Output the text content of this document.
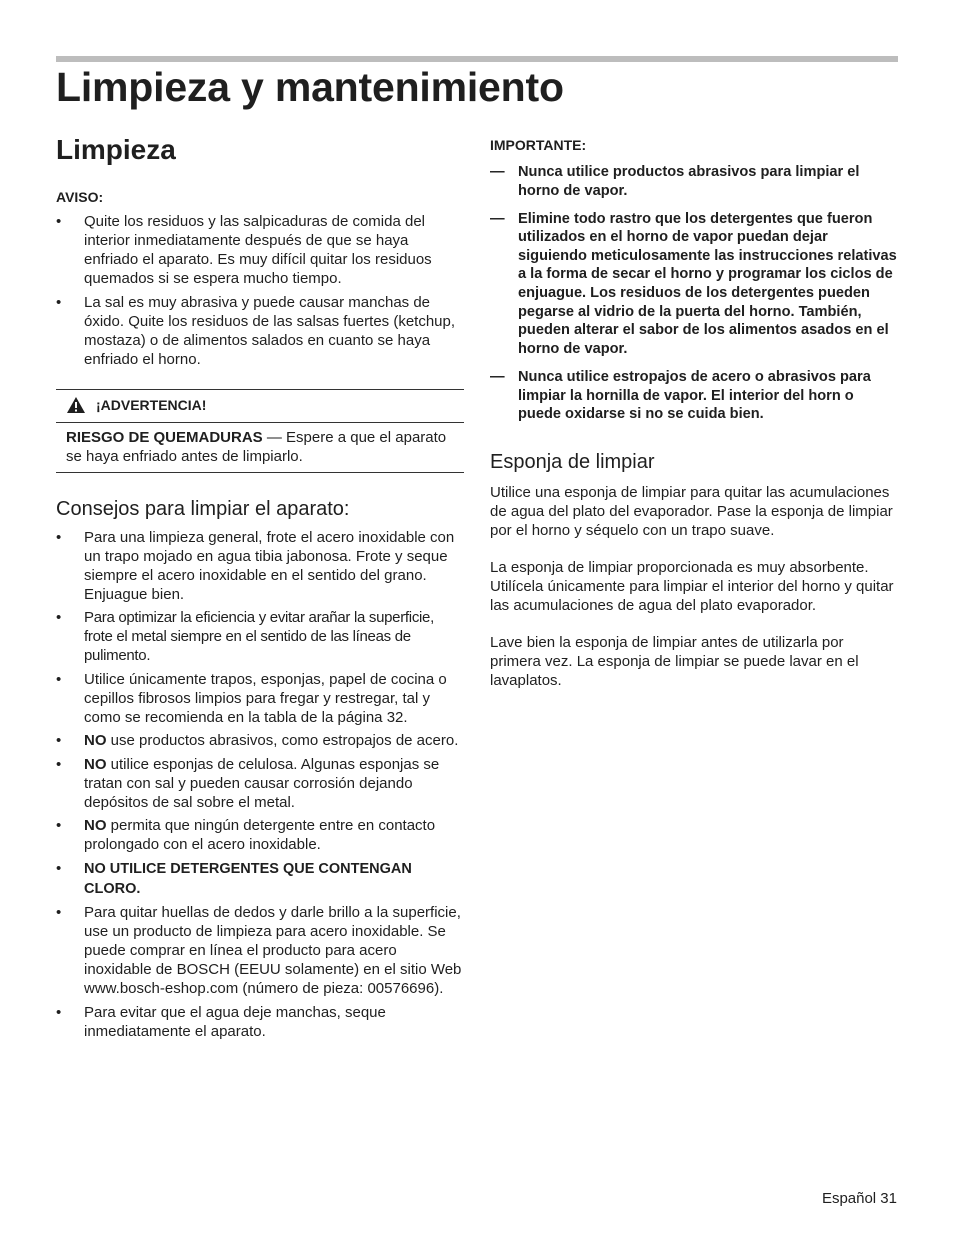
Limpieza y mantenimiento
Limpieza
AVISO:
•	Quite los residuos y las salpicaduras de comida del interior inmediatamente después de que se haya enfriado el aparato. Es muy difícil quitar los residuos quemados si se espera mucho tiempo.
•	La sal es muy abrasiva y puede causar manchas de óxido. Quite los residuos de las salsas fuertes (ketchup, mostaza) o de alimentos salados en cuanto se haya enfriado el horno.
¡ADVERTENCIA!
RIESGO DE QUEMADURAS — Espere a que el aparato se haya enfriado antes de limpiarlo.
Consejos para limpiar el aparato:
•	Para una limpieza general, frote el acero inoxidable con un trapo mojado en agua tibia jabonosa. Frote y seque siempre el acero inoxidable en el sentido del grano. Enjuague bien.
•	Para optimizar la eficiencia y evitar arañar la superficie, frote el metal siempre en el sentido de las líneas de pulimento.
•	Utilice únicamente trapos, esponjas, papel de cocina o cepillos fibrosos limpios para fregar y restregar, tal y como se recomienda en la tabla de la página 32.
•	NO use productos abrasivos, como estropajos de acero.
•	NO utilice esponjas de celulosa. Algunas esponjas se tratan con sal y pueden causar corrosión dejando depósitos de sal sobre el metal.
•	NO permita que ningún detergente entre en contacto prolongado con el acero inoxidable.
•	NO UTILICE DETERGENTES QUE CONTENGAN CLORO.
•	Para quitar huellas de dedos y darle brillo a la superficie, use un producto de limpieza para acero inoxidable. Se puede comprar en línea el producto para acero inoxidable de BOSCH (EEUU solamente) en el sitio Web www.bosch-eshop.com (número de pieza: 00576696).
•	Para evitar que el agua deje manchas, seque inmediatamente el aparato.
IMPORTANTE:
— Nunca utilice productos abrasivos para limpiar el horno de vapor.
— Elimine todo rastro que los detergentes que fueron utilizados en el horno de vapor puedan dejar siguiendo meticulosamente las instrucciones relativas a la forma de secar el horno y programar los ciclos de enjuague. Los residuos de los detergentes pueden pegarse al vidrio de la puerta del horno. También, pueden alterar el sabor de los alimentos asados en el horno de vapor.
— Nunca utilice estropajos de acero o abrasivos para limpiar la hornilla de vapor. El interior del horn o puede oxidarse si no se cuida bien.
Esponja de limpiar

Utilice una esponja de limpiar para quitar las acumulaciones de agua del plato del evaporador. Pase la esponja de limpiar por el horno y séquelo con un trapo suave.

La esponja de limpiar proporcionada es muy absorbente. Utilícela únicamente para limpiar el interior del horno y quitar las acumulaciones de agua del plato evaporador.

Lave bien la esponja de limpiar antes de utilizarla por primera vez. La esponja de limpiar se puede lavar en el lavaplatos.

Español 31
